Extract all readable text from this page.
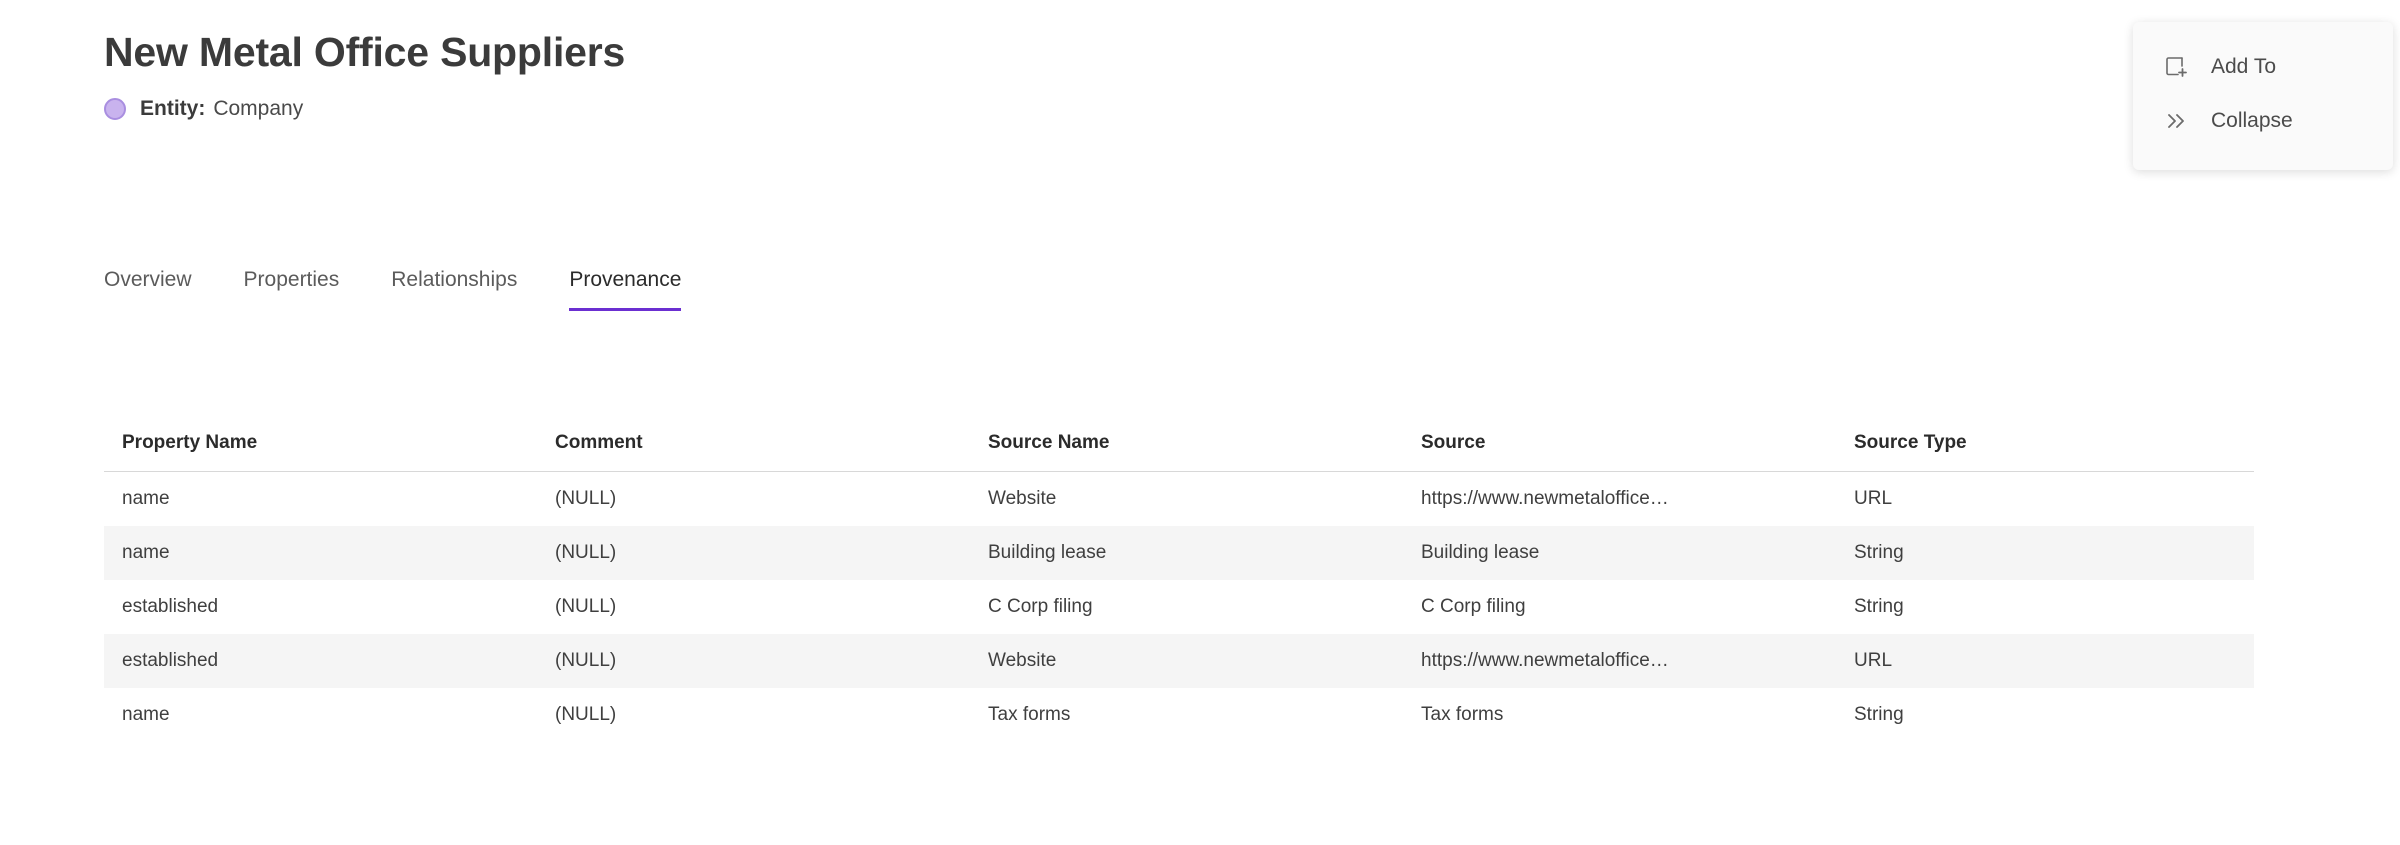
New Metal Office Suppliers
Entity: Company
Overview Properties Relationships Provenance
Property Name	Comment	Source Name	Source	Source Type
name	(NULL)	Website	https://www.newmetaloffice…	URL
name	(NULL)	Building lease	Building lease	String
established	(NULL)	C Corp filing	C Corp filing	String
established	(NULL)	Website	https://www.newmetaloffice…	URL
name	(NULL)	Tax forms	Tax forms	String
Add To
Collapse
